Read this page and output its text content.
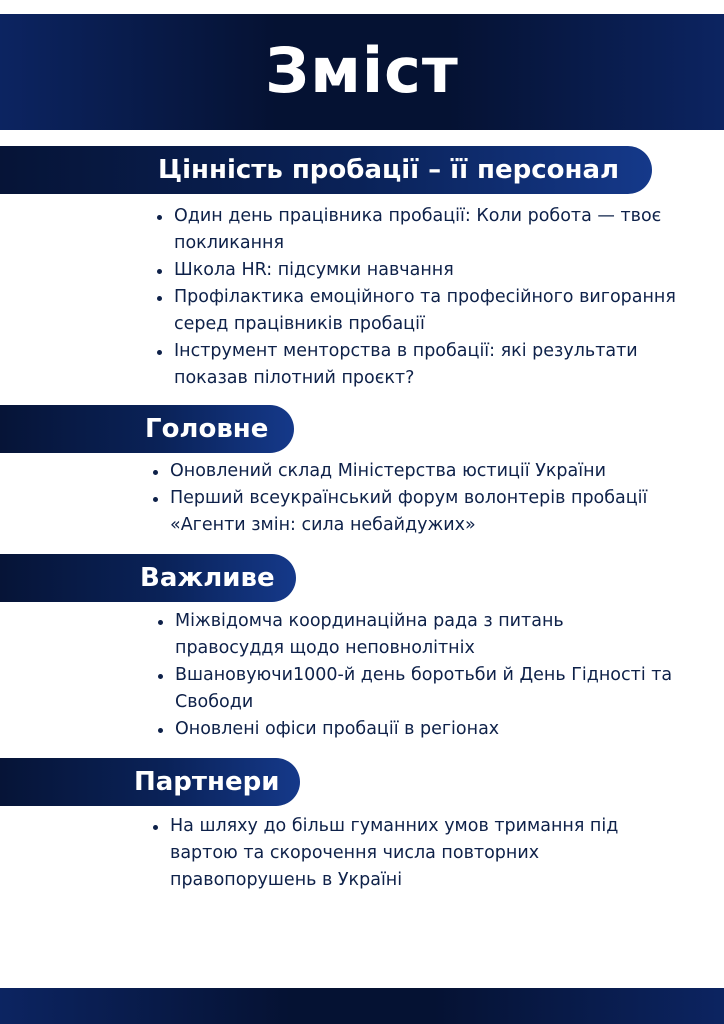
Зміст
Цінність пробації – її персонал
Один день працівника пробації: Коли робота — твоє покликання
Школа HR: підсумки навчання
Профілактика емоційного та професійного вигорання серед працівників пробації
Інструмент менторства в пробації: які результати показав пілотний проєкт?
Головне
Оновлений склад Міністерства юстиції України
Перший всеукраїнський форум волонтерів пробації «Агенти змін: сила небайдужих»
Важливе
Міжвідомча координаційна рада з питань правосуддя щодо неповнолітніх
Вшановуючи1000-й день боротьби й День Гідності та Свободи
Оновлені офіси пробації в регіонах
Партнери
На шляху до більш гуманних умов тримання під вартою та скорочення числа повторних правопорушень в Україні
